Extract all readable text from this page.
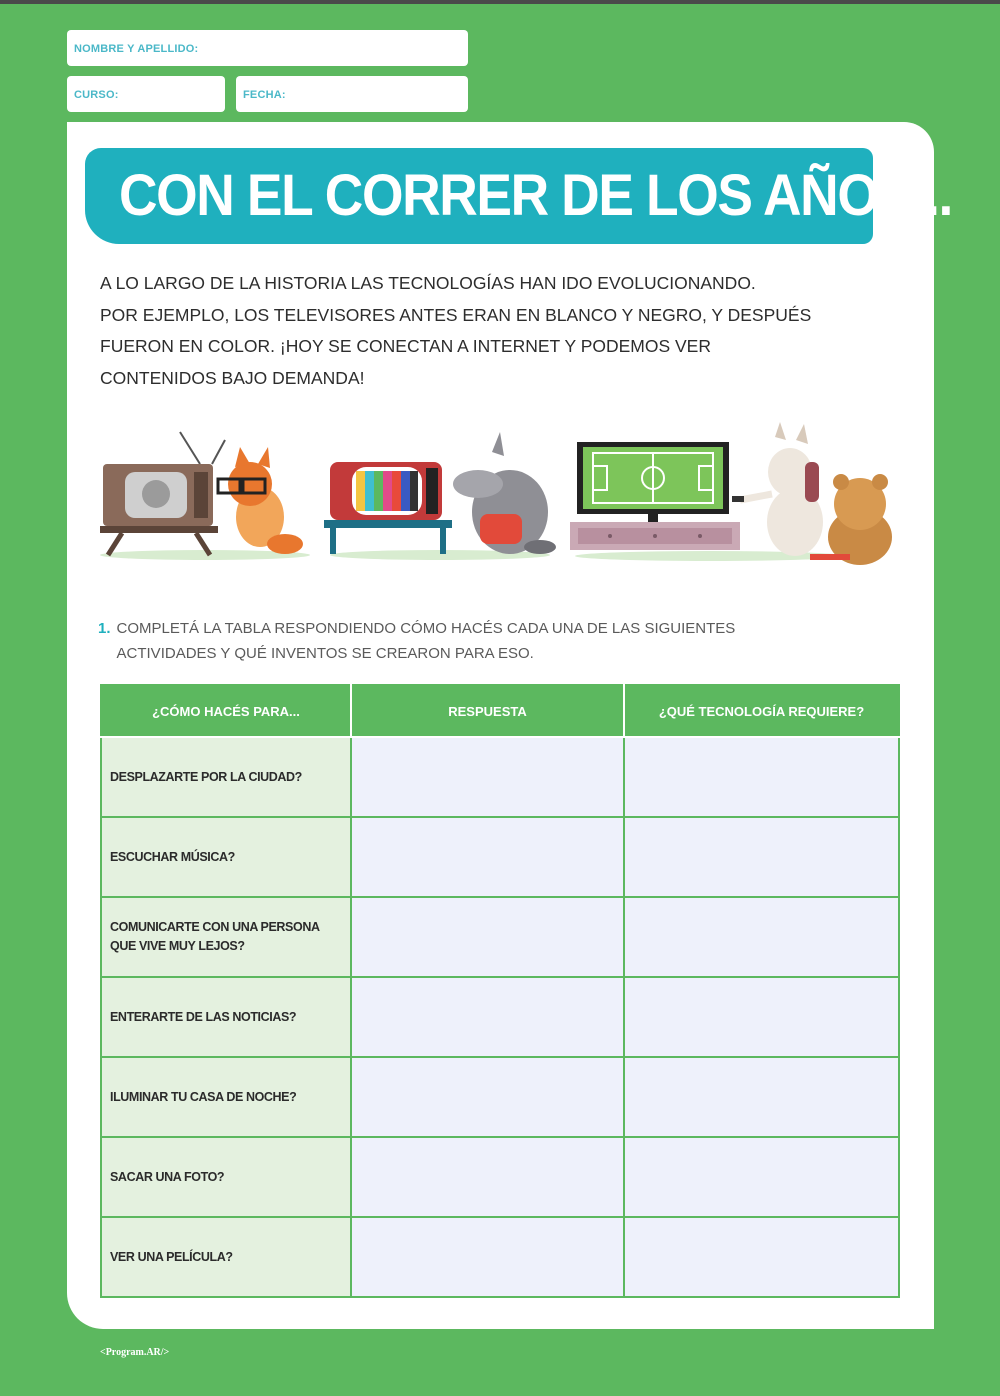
NOMBRE Y APELLIDO:
CURSO:	FECHA:
CON EL CORRER DE LOS AÑOS...

A LO LARGO DE LA HISTORIA LAS TECNOLOGÍAS HAN IDO EVOLUCIONANDO.
POR EJEMPLO, LOS TELEVISORES ANTES ERAN EN BLANCO Y NEGRO, Y DESPUÉS
FUERON EN COLOR. ¡HOY SE CONECTAN A INTERNET Y PODEMOS VER
CONTENIDOS BAJO DEMANDA!

1. COMPLETÁ LA TABLA RESPONDIENDO CÓMO HACÉS CADA UNA DE LAS SIGUIENTES ACTIVIDADES Y QUÉ INVENTOS SE CREARON PARA ESO.
¿CÓMO HACÉS PARA...	RESPUESTA	¿QUÉ TECNOLOGÍA REQUIERE?
DESPLAZARTE POR LA CIUDAD?		
ESCUCHAR MÚSICA?		
COMUNICARTE CON UNA PERSONA QUE VIVE MUY LEJOS?		
ENTERARTE DE LAS NOTICIAS?		
ILUMINAR TU CASA DE NOCHE?		
SACAR UNA FOTO?		
VER UNA PELÍCULA?		
<Program.AR/>
